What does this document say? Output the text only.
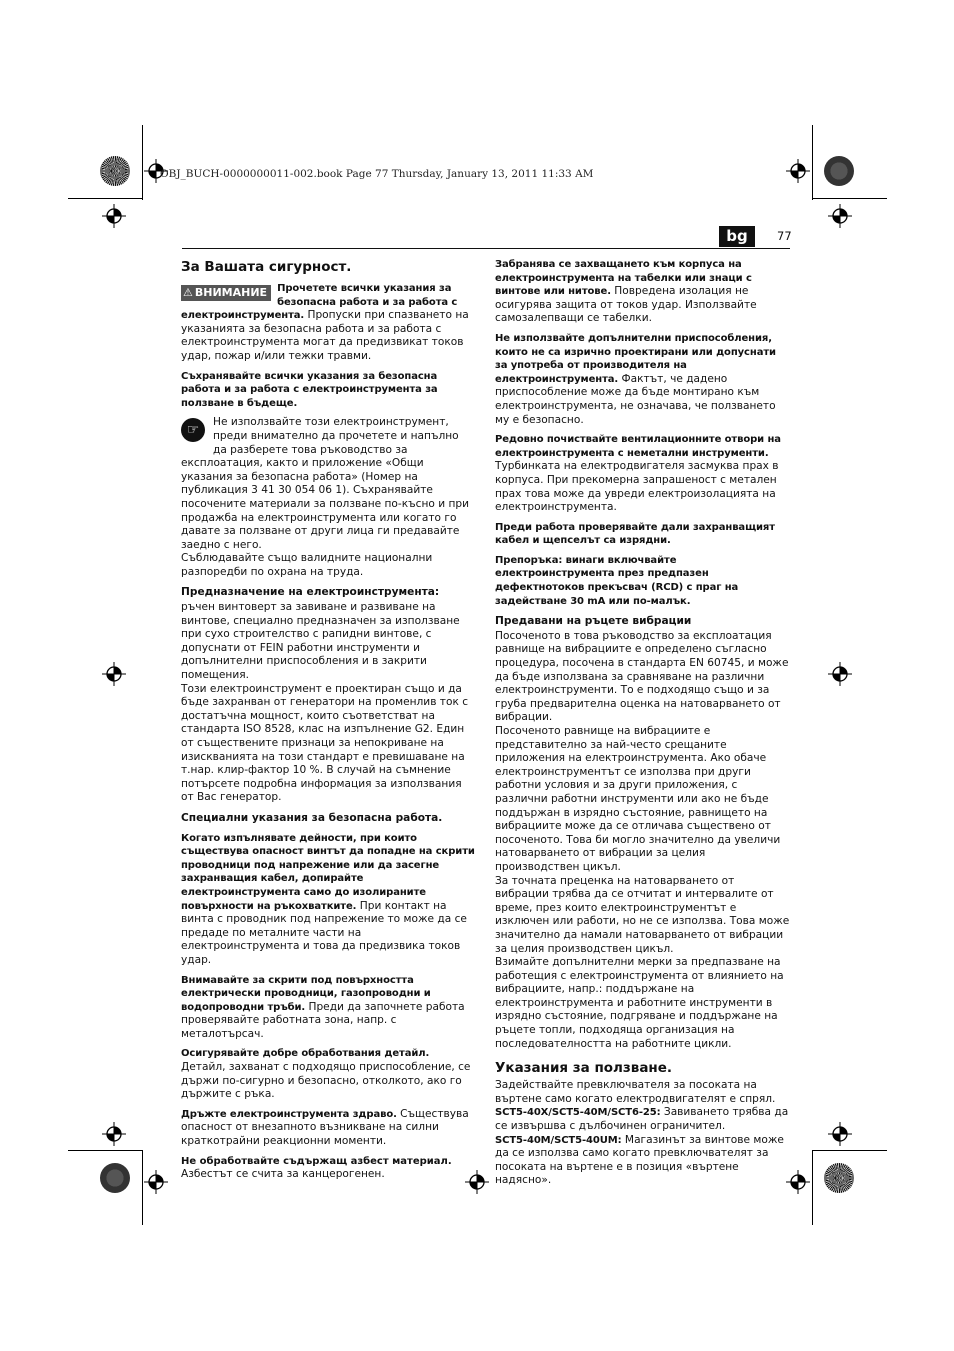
OBJ_BUCH-0000000011-002.book Page 77 Thursday, January 13, 2011 11:33 AM
bg	77
За Вашата сигурност.

⚠ ВНИМАНИЕ	Прочетете всички указания за безопасна работа и за работа с електроинструмента. Пропуски при спазването на указанията за безопасна работа и за работа с електроинструмента могат да предизвикат токов удар, пожар и/или тежки травми.

Съхранявайте всички указания за безопасна работа и за работа с електроинструмента за ползване в бъдеще.

☞	Не използвайте този електроинструмент, преди внимателно да прочетете и напълно да разберете това ръководство за експлоатация, както и приложение «Общи указания за безопасна работа» (Номер на публикация 3 41 30 054 06 1). Съхранявайте посочените материали за ползване по-късно и при продажба на електроинструмента или когато го давате за ползване от други лица ги предавайте заедно с него.

Съблюдавайте също валидните национални разпоредби по охрана на труда.

Предназначение на електроинструмента:

ръчен винтоверт за завиване и развиване на винтове, специално предназначен за използване при сухо строителство с рапидни винтове, с допуснати от FEIN работни инструменти и допълнителни приспособления и в закрити помещения.

Този електроинструмент е проектиран също и да бъде захранван от генератори на променлив ток с достатъчна мощност, които съответстват на стандарта ISO 8528, клас на изпълнение G2. Един от съществените признаци за непокриване на изискванията на този стандарт е превишаване на т.нар. клир-фактор 10 %. В случай на съмнение потърсете подробна информация за използвания от Вас генератор.

Специални указания за безопасна работа.

Когато изпълнявате дейности, при които съществува опасност винтът да попадне на скрити проводници под напрежение или да засегне захранващия кабел, допирайте електроинструмента само до изолираните повърхности на ръкохватките. При контакт на винта с проводник под напрежение то може да се предаде по металните части на електроинструмента и това да предизвика токов удар.

Внимавайте за скрити под повърхността електрически проводници, газопроводни и водопроводни тръби. Преди да започнете работа проверявайте работната зона, напр. с металотърсач.

Осигурявайте добре обработвания детайл. Детайл, захванат с подходящо приспособление, се държи по-сигурно и безопасно, отколкото, ако го държите с ръка.

Дръжте електроинструмента здраво. Съществува опасност от внезапното възникване на силни краткотрайни реакционни моменти.

Не обработвайте съдържащ азбест материал.

Азбестът се счита за канцерогенен.

Забранява се захващането към корпуса на електроинструмента на табелки или знаци с винтове или нитове. Повредена изолация не осигурява защита от токов удар. Използвайте самозалепващи се табелки.

Не използвайте допълнителни приспособления, които не са изрично проектирани или допуснати за употреба от производителя на електроинструмента. Фактът, че дадено приспособление може да бъде монтирано към електроинструмента, не означава, че ползването му е безопасно.

Редовно почиствайте вентилационните отвори на електроинструмента с неметални инструменти.

Турбинката на електродвигателя засмуква прах в корпуса. При прекомерна запрашеност с метален прах това може да увреди електроизолацията на електроинструмента.

Преди работа проверявайте дали захранващият кабел и щепселът са изрядни.

Препоръка: винаги включвайте електроинструмента през предпазен дефектнотоков прекъсвач (RCD) с праг на задействане 30 mA или по-малък.

Предавани на ръцете вибрации

Посоченото в това ръководство за експлоатация равнище на вибрациите е определено съгласно процедура, посочена в стандарта EN 60745, и може да бъде използвана за сравняване на различни електроинструменти. То е подходящо също и за груба предварителна оценка на натоварването от вибрации.

Посоченото равнище на вибрациите е представително за най-често срещаните приложения на електроинструмента. Ако обаче електроинструментът се използва при други работни условия и за други приложения, с различни работни инструменти или ако не бъде поддържан в изрядно състояние, равнището на вибрациите може да се отличава съществено от посоченото. Това би могло значително да увеличи натоварването от вибрации за целия производствен цикъл.

За точната преценка на натоварването от вибрации трябва да се отчитат и интервалите от време, през които електроинструментът е изключен или работи, но не се използва. Това може значително да намали натоварването от вибрации за целия производствен цикъл.

Взимайте допълнителни мерки за предпазване на работещия с електроинструмента от влиянието на вибрациите, напр.: поддържане на електроинструмента и работните инструменти в изрядно състояние, подгряване и поддържане на ръцете топли, подходяща организация на последователността на работните цикли.

Указания за ползване.

Задействайте превключвателя за посоката на въртене само когато електродвигателят е спрял.

SCT5-40X/SCT5-40M/SCT6-25: Завиването трябва да се извършва с дълбочинен ограничител.

SCT5-40M/SCT5-40UM: Магазинът за винтове може да се използва само когато превключвателят за посоката на въртене е в позиция «въртене надясно».
